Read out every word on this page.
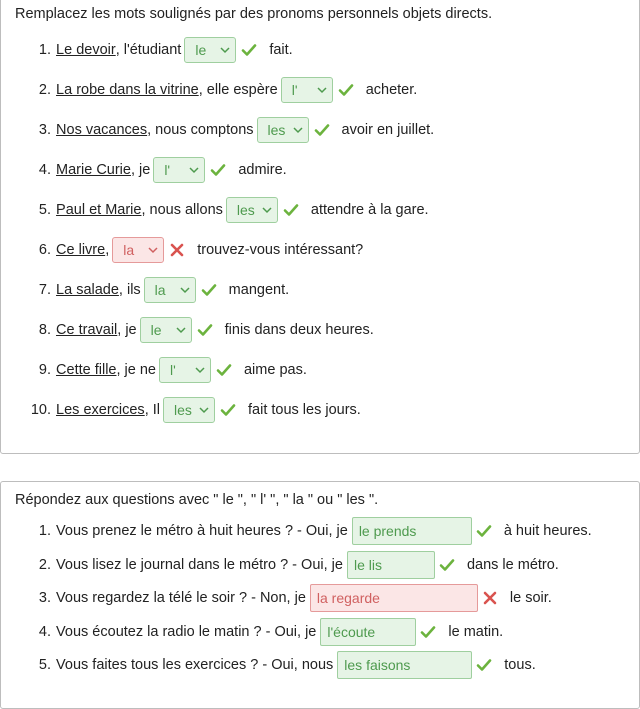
Remplacez les mots soulignés par des pronoms personnels objets directs.
1.
Le devoir , l'étudiant le	fait.
2.
La robe dans la vitrine , elle espère l'	acheter.
3.
Nos vacances , nous comptons les	avoir en juillet.
4.
Marie Curie , je l'	admire.
5.
Paul et Marie , nous allons les	attendre à la gare.
6.
Ce livre , la	trouvez-vous intéressant?
7.
La salade , ils la	mangent.
8.
Ce travail , je le	finis dans deux heures.
9.
Cette fille , je ne l'	aime pas.
10.
Les exercices , Il les	fait tous les jours.
Répondez aux questions avec " le ", " l' ", " la " ou " les ".
1.
Vous prenez le métro à huit heures ? - Oui, je le prends	à huit heures.
2.
Vous lisez le journal dans le métro ? - Oui, je le lis	dans le métro.
3.
Vous regardez la télé le soir ? - Non, je la regarde	le soir.
4.
Vous écoutez la radio le matin ? - Oui, je l'écoute	le matin.
5.
Vous faites tous les exercices ? - Oui, nous les faisons	tous.
